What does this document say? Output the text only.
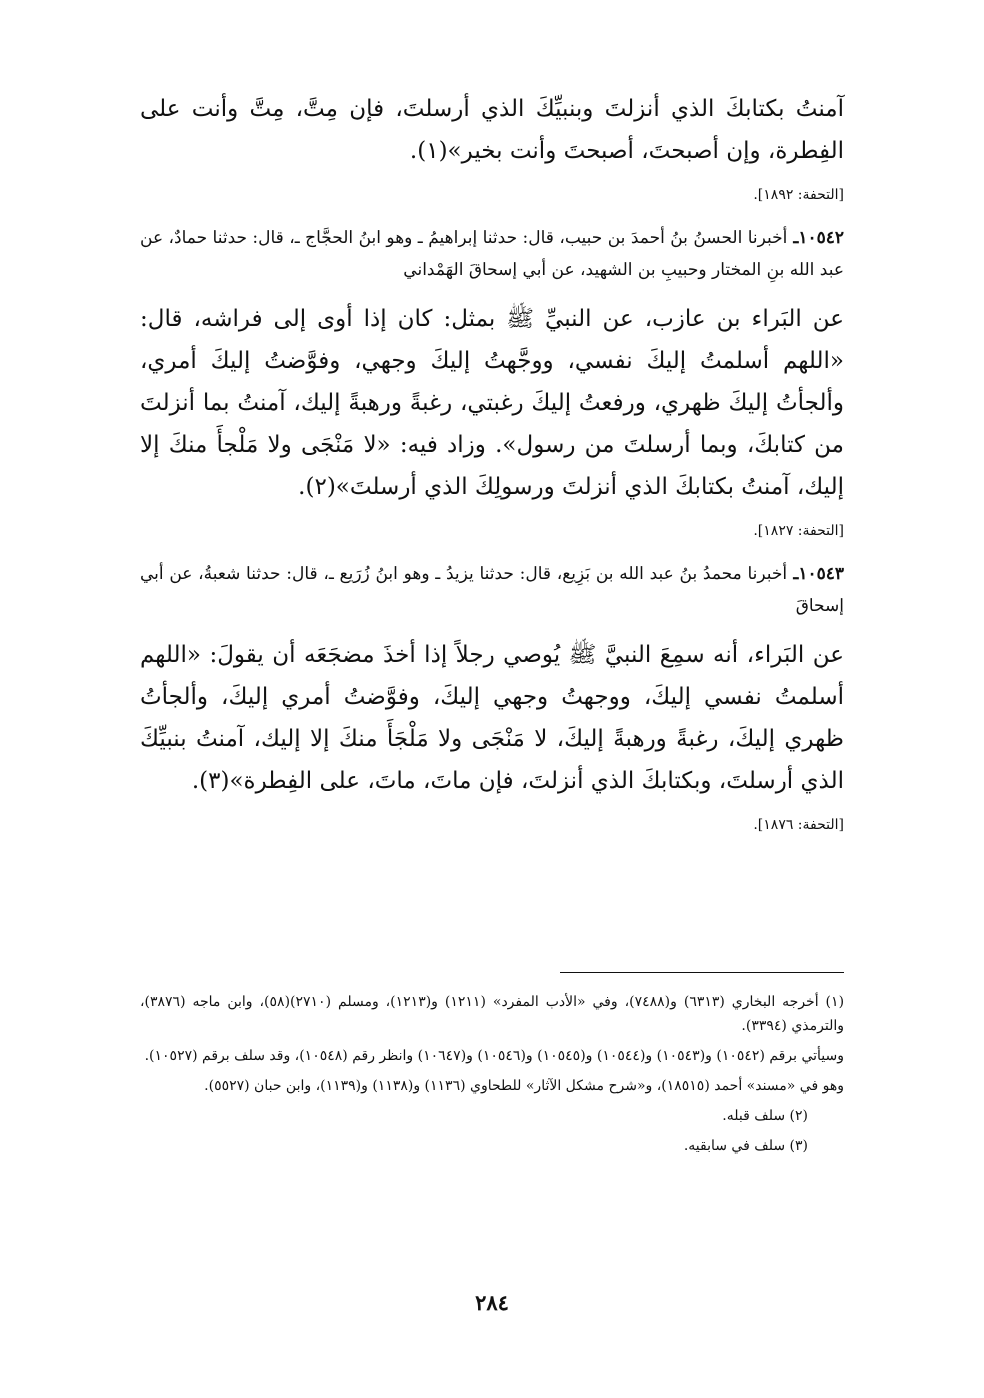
آمنتُ بكتابكَ الذي أنزلتَ وبنبيِّكَ الذي أرسلتَ، فإن مِتَّ، مِتَّ وأنت على الفِطرة، وإن أصبحتَ، أصبحتَ وأنت بخير»(١).

[التحفة: ١٨٩٢].

١٠٥٤٢ـ أخبرنا الحسنُ بنُ أحمدَ بن حبيب، قال: حدثنا إبراهيمُ ـ وهو ابنُ الحجَّاج ـ، قال: حدثنا حمادٌ، عن عبد الله بنِ المختار وحبيبِ بن الشهيد، عن أبي إسحاقَ الهَمْداني

عن البَراء بن عازب، عن النبيِّ ﷺ بمثل: كان إذا أوى إلى فراشه، قال: «اللهم أسلمتُ إليكَ نفسي، ووجَّهتُ إليكَ وجهي، وفوَّضتُ إليكَ أمري، وألجأتُ إليكَ ظهري، ورفعتُ إليكَ رغبتي، رغبةً ورهبةً إليك، آمنتُ بما أنزلتَ من كتابكَ، وبما أرسلتَ من رسول». وزاد فيه: «لا مَنْجَى ولا مَلْجأَ منكَ إلا إليك، آمنتُ بكتابكَ الذي أنزلتَ ورسولِكَ الذي أرسلتَ»(٢).

[التحفة: ١٨٢٧].

١٠٥٤٣ـ أخبرنا محمدُ بنُ عبد الله بن بَزِيع، قال: حدثنا يزيدُ ـ وهو ابنُ زُرَيع ـ، قال: حدثنا شعبةُ، عن أبي إسحاقَ

عن البَراء، أنه سمِعَ النبيَّ ﷺ يُوصي رجلاً إذا أخذَ مضجَعَه أن يقولَ: «اللهم أسلمتُ نفسي إليكَ، ووجهتُ وجهي إليكَ، وفوَّضتُ أمري إليكَ، وألجأتُ ظهري إليكَ، رغبةً ورهبةً إليكَ، لا مَنْجَى ولا مَلْجَأَ منكَ إلا إليك، آمنتُ بنبيِّكَ الذي أرسلتَ، وبكتابكَ الذي أنزلتَ، فإن ماتَ، ماتَ، على الفِطرة»(٣).

[التحفة: ١٨٧٦].

(١) أخرجه البخاري (٦٣١٣) و(٧٤٨٨)، وفي «الأدب المفرد» (١٢١١) و(١٢١٣)، ومسلم (٢٧١٠)(٥٨)، وابن ماجه (٣٨٧٦)، والترمذي (٣٣٩٤).

وسيأتي برقم (١٠٥٤٢) و(١٠٥٤٣) و(١٠٥٤٤) و(١٠٥٤٥) و(١٠٥٤٦) و(١٠٦٤٧) وانظر رقم (١٠٥٤٨)، وقد سلف برقم (١٠٥٢٧).

وهو في «مسند» أحمد (١٨٥١٥)، و«شرح مشكل الآثار» للطحاوي (١١٣٦) و(١١٣٨) و(١١٣٩)، وابن حبان (٥٥٢٧).

(٢) سلف قبله.

(٣) سلف في سابقيه.

٢٨٤
